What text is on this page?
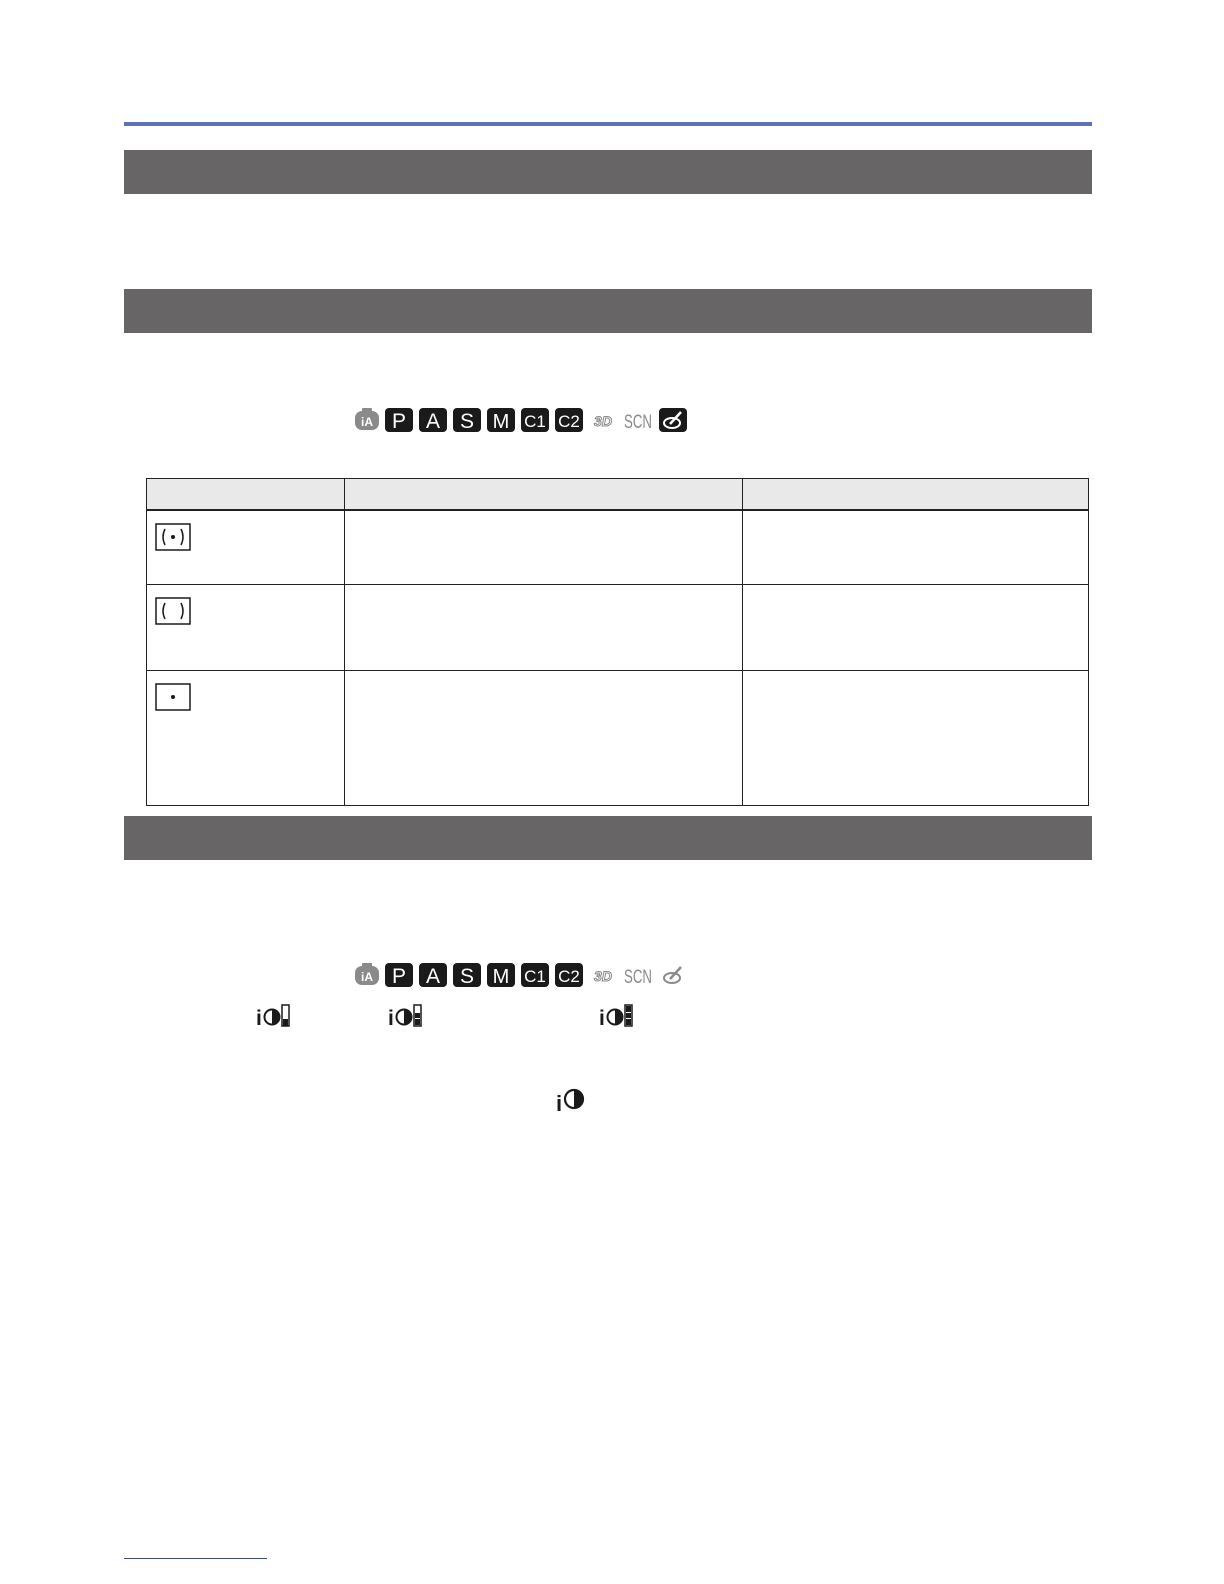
iA P A S M C1 C2 3D SCN

iA P A S M C1 C2 3D SCN
i	i	i
i
